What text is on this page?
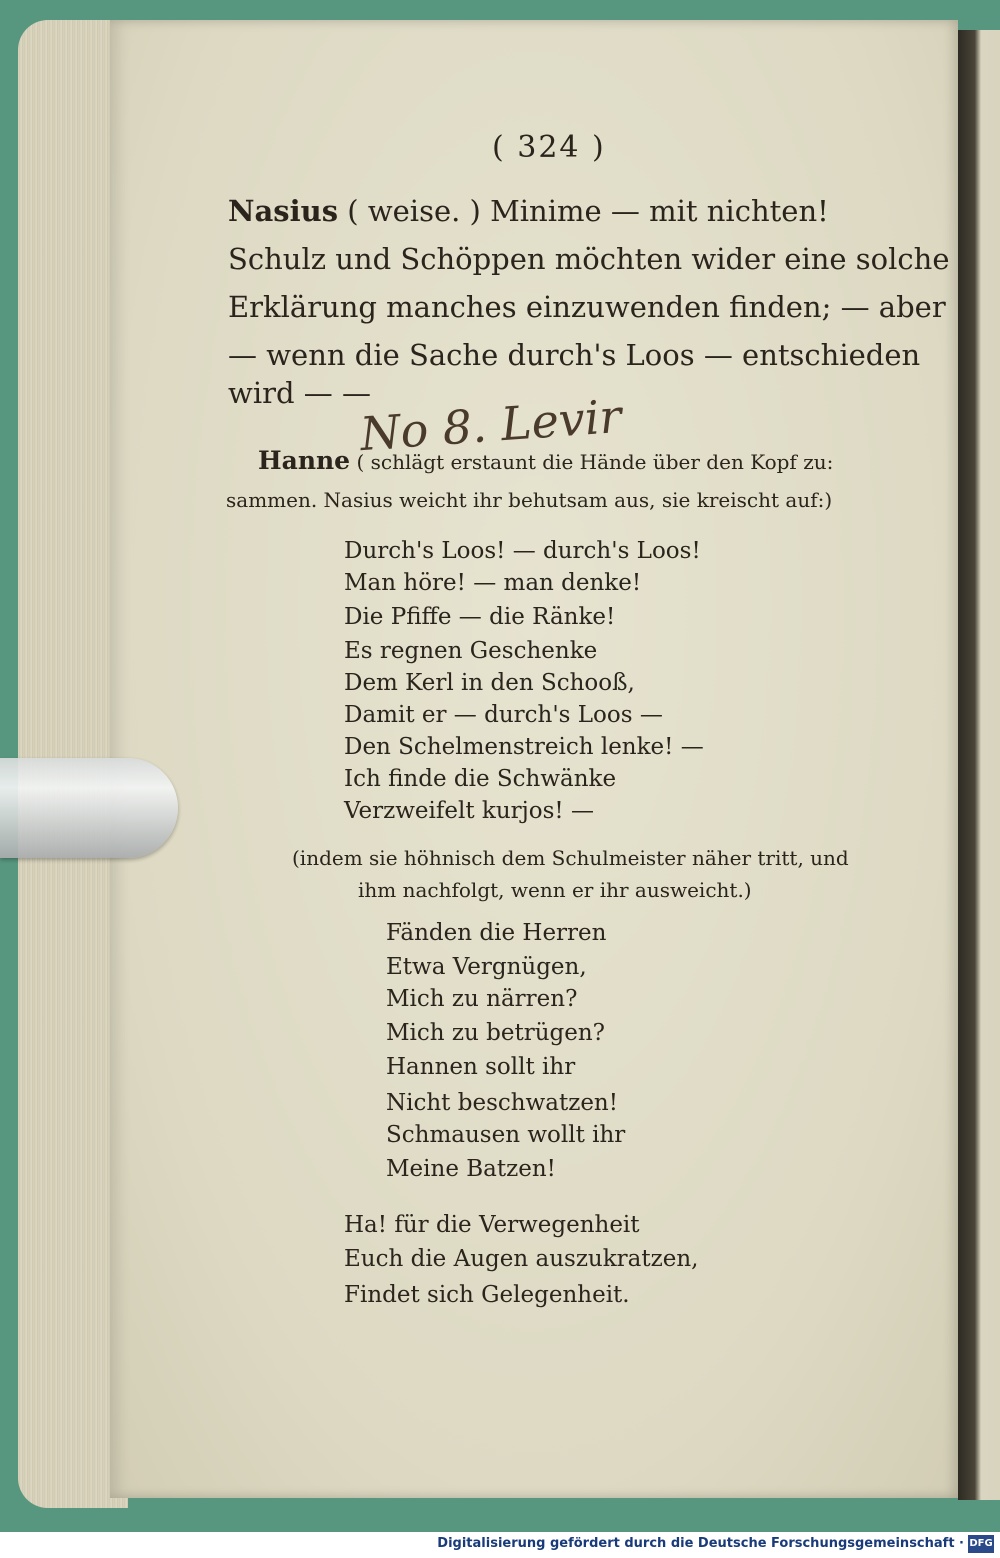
( 324 )
Nasius ( weise. ) Minime — mit nichten!
Schulz und Schöppen möchten wider eine solche
Erklärung manches einzuwenden finden; — aber
— wenn die Sache durch's Loos — entschieden
wird — —
No 8. Levir
Hanne ( schlägt erstaunt die Hände über den Kopf zu:
sammen. Nasius weicht ihr behutsam aus, sie kreischt auf:)
Durch's Loos! — durch's Loos!
Man höre! — man denke!
Die Pfiffe — die Ränke!
Es regnen Geschenke
Dem Kerl in den Schooß,
Damit er — durch's Loos —
Den Schelmenstreich lenke! —
Ich finde die Schwänke
Verzweifelt kurjos! —
(indem sie höhnisch dem Schulmeister näher tritt, und
ihm nachfolgt, wenn er ihr ausweicht.)
Fänden die Herren
Etwa Vergnügen,
Mich zu närren?
Mich zu betrügen?
Hannen sollt ihr
Nicht beschwatzen!
Schmausen wollt ihr
Meine Batzen!
Ha! für die Verwegenheit
Euch die Augen auszukratzen,
Findet sich Gelegenheit.
Digitalisierung gefördert durch die Deutsche Forschungsgemeinschaft · DFG
